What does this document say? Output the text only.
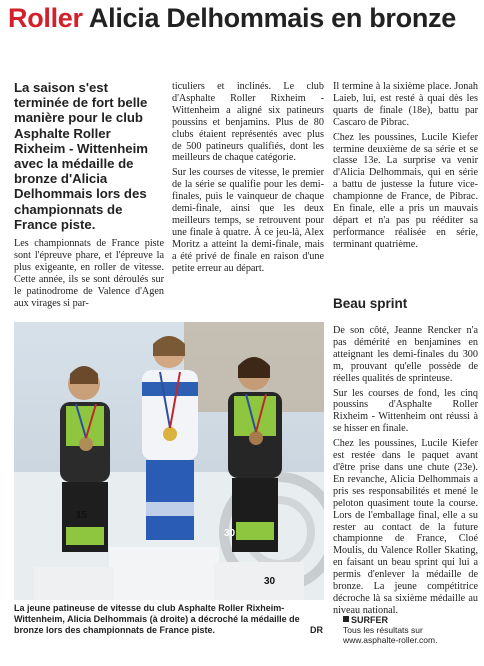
Roller Alicia Delhommais en bronze

La saison s'est terminée de fort belle manière pour le club Asphalte Roller Rixheim - Wittenheim avec la médaille de bronze d'Alicia Delhommais lors des championnats de France piste.

Les championnats de France piste sont l'épreuve phare, et l'épreuve la plus exigeante, en roller de vitesse. Cette année, ils se sont déroulés sur le patinodrome de Valence d'Agen aux virages si par-

ticuliers et inclinés. Le club d'Asphalte Roller Rixheim - Wittenheim a aligné six patineurs poussins et benjamins. Plus de 80 clubs étaient représentés avec plus de 500 patineurs qualifiés, dont les meilleurs de chaque catégorie.

Sur les courses de vitesse, le premier de la série se qualifie pour les demi-finales, puis le vainqueur de chaque demi-finale, ainsi que les deux meilleurs temps, se retrouvent pour une finale à quatre. À ce jeu-là, Alex Moritz a atteint la demi-finale, mais a été privé de finale en raison d'une petite erreur au départ.

Il termine à la sixième place. Jonah Laieb, lui, est resté à quai dès les quarts de finale (18e), battu par Cascaro de Pibrac.

Chez les poussines, Lucile Kiefer termine deuxième de sa série et se classe 13e. La surprise va venir d'Alicia Delhommais, qui en série a battu de justesse la future vice-championne de France, de Pibrac. En finale, elle a pris un mauvais départ et n'a pas pu rééditer sa performance réalisée en série, terminant quatrième.

Beau sprint

De son côté, Jeanne Rencker n'a pas démérité en benjamines en atteignant les demi-finales du 300 m, prouvant qu'elle possède de réelles qualités de sprinteuse.

Sur les courses de fond, les cinq poussins d'Asphalte Roller Rixheim - Wittenheim ont réussi à se hisser en finale.

Chez les poussines, Lucile Kiefer est restée dans le paquet avant d'être prise dans une chute (23e). En revanche, Alicia Delhommais a pris ses responsabilités et mené le peloton quasiment toute la course. Lors de l'emballage final, elle a su rester au contact de la future championne de France, Cloé Moulis, du Valence Roller Skating, en faisant un beau sprint qui lui a permis d'enlever la médaille de bronze. La jeune compétitrice décroche là sa sixième médaille au niveau national.

15
30
30

La jeune patineuse de vitesse du club Asphalte Roller Rixheim-Wittenheim, Alicia Delhommais (à droite) a décroché la médaille de bronze lors des championnats de France piste.	DR
SURFER
Tous les résultats sur www.asphalte-roller.com.
